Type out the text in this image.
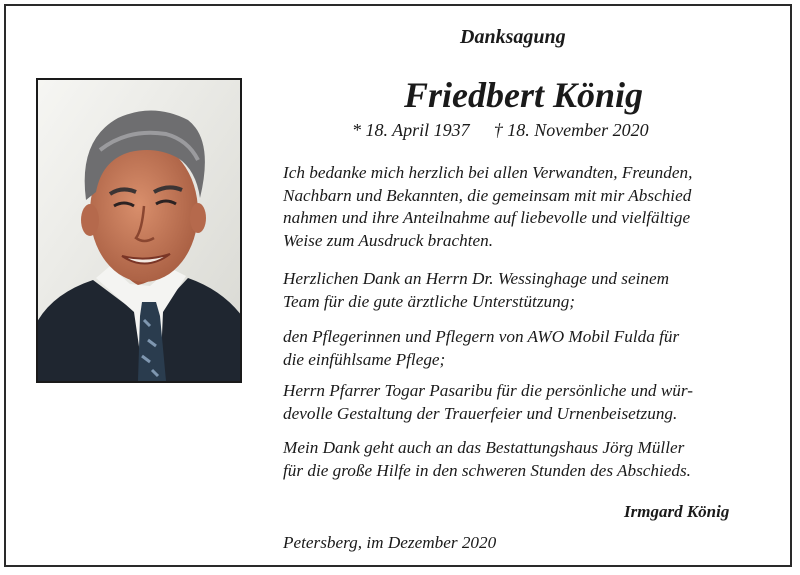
Danksagung
Friedbert König
* 18. April 1937 † 18. November 2020

Ich bedanke mich herzlich bei allen Verwandten, Freunden,
Nachbarn und Bekannten, die gemeinsam mit mir Abschied
nahmen und ihre Anteilnahme auf liebevolle und vielfältige
Weise zum Ausdruck brachten.

Herzlichen Dank an Herrn Dr. Wessinghage und seinem
Team für die gute ärztliche Unterstützung;

den Pflegerinnen und Pflegern von AWO Mobil Fulda für
die einfühlsame Pflege;

Herrn Pfarrer Togar Pasaribu für die persönliche und wür-
devolle Gestaltung der Trauerfeier und Urnenbeisetzung.

Mein Dank geht auch an das Bestattungshaus Jörg Müller
für die große Hilfe in den schweren Stunden des Abschieds.

Irmgard König
Petersberg, im Dezember 2020
